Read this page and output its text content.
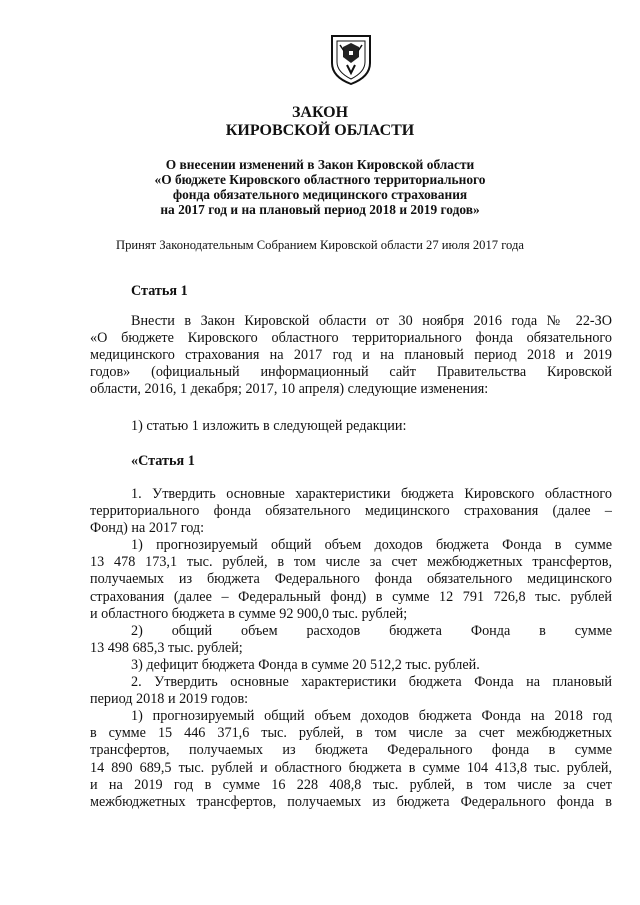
ЗАКОН
КИРОВСКОЙ ОБЛАСТИ
О внесении изменений в Закон Кировской области
«О бюджете Кировского областного территориального
фонда обязательного медицинского страхования
на 2017 год и на плановый период 2018 и 2019 годов»
Принят Законодательным Собранием Кировской области 27 июля 2017 года
Статья 1
Внести в Закон Кировской области от 30 ноября 2016 года № 22-ЗО
«О бюджете Кировского областного территориального фонда обязательного
медицинского страхования на 2017 год и на плановый период 2018 и 2019
годов» (официальный информационный сайт Правительства Кировской
области, 2016, 1 декабря; 2017, 10 апреля) следующие изменения:
1) статью 1 изложить в следующей редакции:
«Статья 1
1. Утвердить основные характеристики бюджета Кировского областного
территориального фонда обязательного медицинского страхования (далее –
Фонд) на 2017 год:
1) прогнозируемый общий объем доходов бюджета Фонда в сумме
13 478 173,1 тыс. рублей, в том числе за счет межбюджетных трансфертов,
получаемых из бюджета Федерального фонда обязательного медицинского
страхования (далее – Федеральный фонд) в сумме 12 791 726,8 тыс. рублей
и областного бюджета в сумме 92 900,0 тыс. рублей;
2) общий объем расходов бюджета Фонда в сумме
13 498 685,3 тыс. рублей;
3) дефицит бюджета Фонда в сумме 20 512,2 тыс. рублей.
2. Утвердить основные характеристики бюджета Фонда на плановый
период 2018 и 2019 годов:
1) прогнозируемый общий объем доходов бюджета Фонда на 2018 год
в сумме 15 446 371,6 тыс. рублей, в том числе за счет межбюджетных
трансфертов, получаемых из бюджета Федерального фонда в сумме
14 890 689,5 тыс. рублей и областного бюджета в сумме 104 413,8 тыс. рублей,
и на 2019 год в сумме 16 228 408,8 тыс. рублей, в том числе за счет
межбюджетных трансфертов, получаемых из бюджета Федерального фонда в
